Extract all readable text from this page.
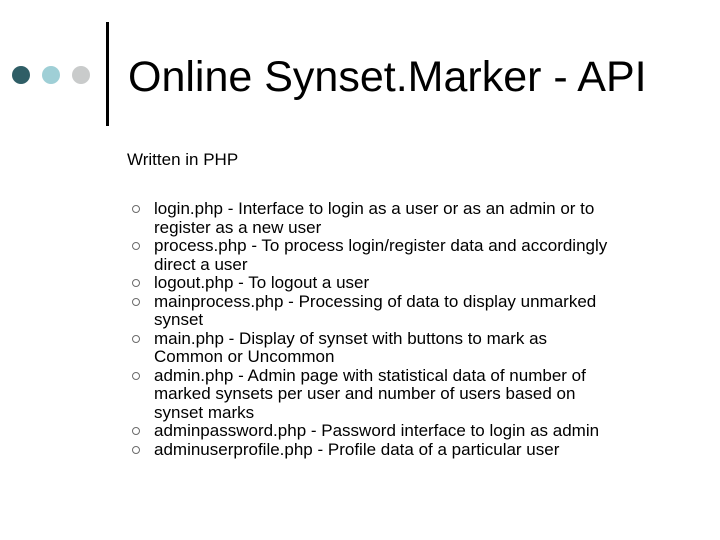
Online Synset.Marker - API
Written in PHP
login.php - Interface to login as a user or as an admin or to
register as a new user
process.php - To process login/register data and accordingly
direct a user
logout.php - To logout a user
mainprocess.php - Processing of data to display unmarked
synset
main.php - Display of synset with buttons to mark as
Common or Uncommon
admin.php - Admin page with statistical data of number of
marked synsets per user and number of users based on
synset marks
adminpassword.php - Password interface to login as admin
adminuserprofile.php - Profile data of a particular user
